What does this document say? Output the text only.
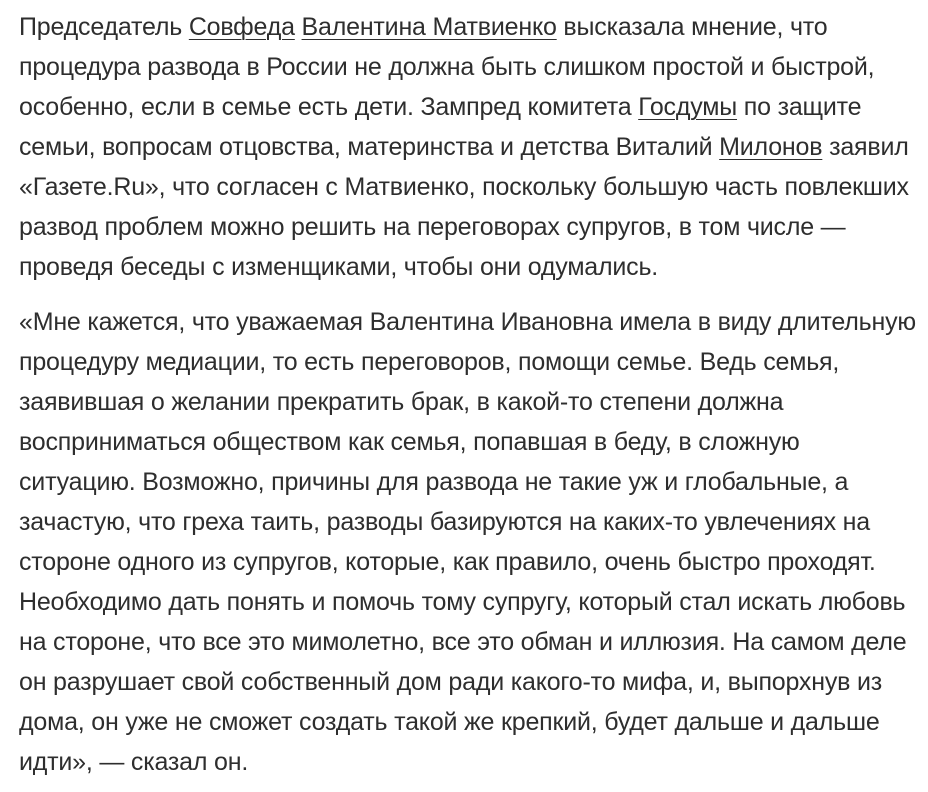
Председатель Совфеда Валентина Матвиенко высказала мнение, что процедура развода в России не должна быть слишком простой и быстрой, особенно, если в семье есть дети. Зампред комитета Госдумы по защите семьи, вопросам отцовства, материнства и детства Виталий Милонов заявил «Газете.Ru», что согласен с Матвиенко, поскольку большую часть повлекших развод проблем можно решить на переговорах супругов, в том числе — проведя беседы с изменщиками, чтобы они одумались.

«Мне кажется, что уважаемая Валентина Ивановна имела в виду длительную процедуру медиации, то есть переговоров, помощи семье. Ведь семья, заявившая о желании прекратить брак, в какой-то степени должна восприниматься обществом как семья, попавшая в беду, в сложную ситуацию. Возможно, причины для развода не такие уж и глобальные, а зачастую, что греха таить, разводы базируются на каких-то увлечениях на стороне одного из супругов, которые, как правило, очень быстро проходят. Необходимо дать понять и помочь тому супругу, который стал искать любовь на стороне, что все это мимолетно, все это обман и иллюзия. На самом деле он разрушает свой собственный дом ради какого-то мифа, и, выпорхнув из дома, он уже не сможет создать такой же крепкий, будет дальше и дальше идти», — сказал он.
